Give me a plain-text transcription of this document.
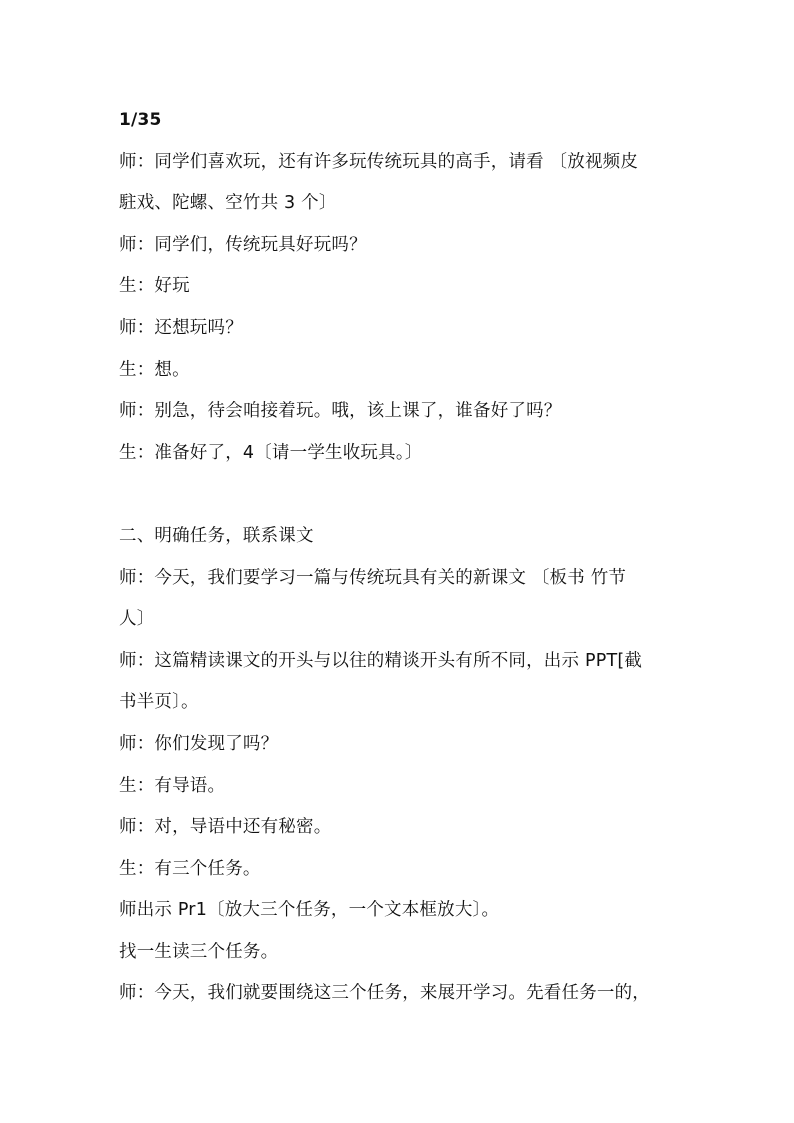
1/35
师：同学们喜欢玩，还有许多玩传统玩具的高手，请看 〔放视频皮
駐戏、陀螺、空竹共 3 个〕
师：同学们，传统玩具好玩吗？
生：好玩
师：还想玩吗？
生：想。
师：别急，待会咱接着玩。哦，该上课了，谁备好了吗？
生：准备好了，4〔请一学生收玩具。〕
二、明确任务，联系课文
师：今天，我们要学习一篇与传统玩具有关的新课文 〔板书 竹节
人〕
师：这篇精读课文的开头与以往的精谈开头有所不同，出示 PPT[截
书半页〕。
师：你们发现了吗？
生：有导语。
师：对，导语中还有秘密。
生：有三个任务。
师出示 Pr1〔放大三个任务，一个文本框放大〕。
找一生读三个任务。
师：今天，我们就要围绕这三个任务，来展开学习。先看任务一的，
